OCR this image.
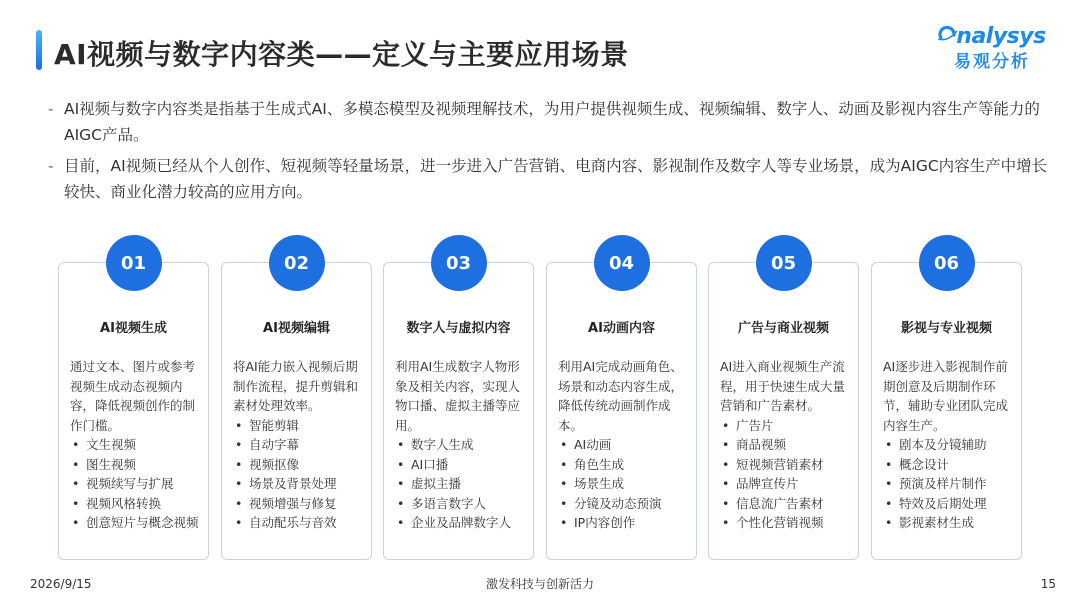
AI视频与数字内容类——定义与主要应用场景
nalysys
易观分析
- AI视频与数字内容类是指基于生成式AI、多模态模型及视频理解技术，为用户提供视频生成、视频编辑、数字人、动画及影视内容生产等能力的AIGC产品。
- 目前，AI视频已经从个人创作、短视频等轻量场景，进一步进入广告营销、电商内容、影视制作及数字人等专业场景，成为AIGC内容生产中增长较快、商业化潜力较高的应用方向。
01
AI视频生成
通过文本、图片或参考视频生成动态视频内容，降低视频创作的制作门槛。
• 文生视频
• 图生视频
• 视频续写与扩展
• 视频风格转换
• 创意短片与概念视频
02
AI视频编辑
将AI能力嵌入视频后期制作流程，提升剪辑和素材处理效率。
• 智能剪辑
• 自动字幕
• 视频抠像
• 场景及背景处理
• 视频增强与修复
• 自动配乐与音效
03
数字人与虚拟内容
利用AI生成数字人物形象及相关内容，实现人物口播、虚拟主播等应用。
• 数字人生成
• AI口播
• 虚拟主播
• 多语言数字人
• 企业及品牌数字人
04
AI动画内容
利用AI完成动画角色、场景和动态内容生成，降低传统动画制作成本。
• AI动画
• 角色生成
• 场景生成
• 分镜及动态预演
• IP内容创作
05
广告与商业视频
AI进入商业视频生产流程，用于快速生成大量营销和广告素材。
• 广告片
• 商品视频
• 短视频营销素材
• 品牌宣传片
• 信息流广告素材
• 个性化营销视频
06
影视与专业视频
AI逐步进入影视制作前期创意及后期制作环节，辅助专业团队完成内容生产。
• 剧本及分镜辅助
• 概念设计
• 预演及样片制作
• 特效及后期处理
• 影视素材生成
2026/9/15	激发科技与创新活力	15
